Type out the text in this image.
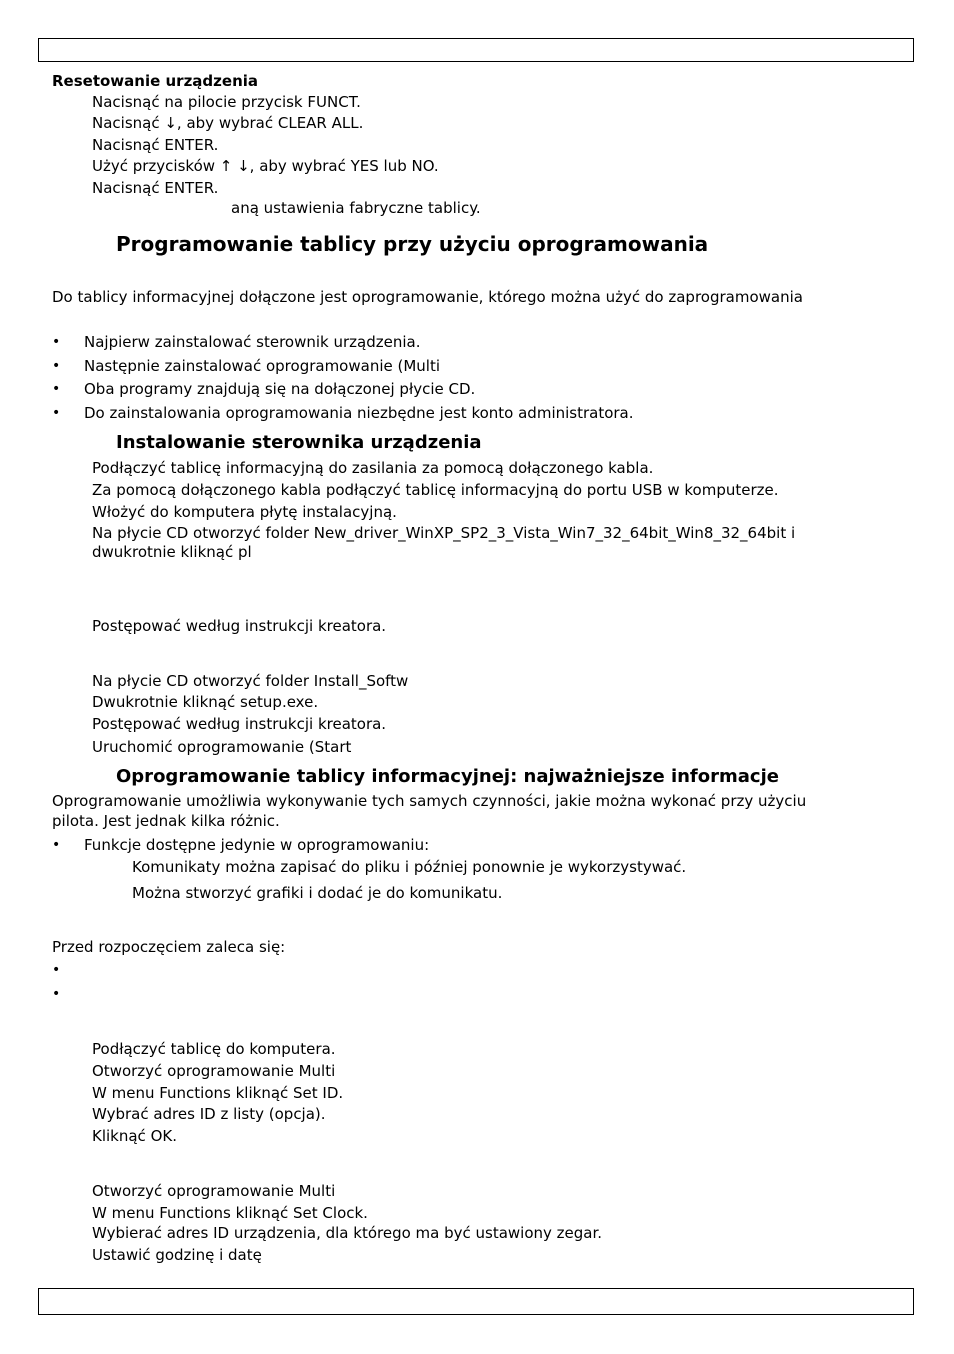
Resetowanie urządzenia
Nacisnąć na pilocie przycisk FUNCT.
Nacisnąć ↓, aby wybrać CLEAR ALL.
Nacisnąć ENTER.
Użyć przycisków ↑ ↓, aby wybrać YES lub NO.
Nacisnąć ENTER.
aną ustawienia fabryczne tablicy.
Programowanie tablicy przy użyciu oprogramowania
Do tablicy informacyjnej dołączone jest oprogramowanie, którego można użyć do zaprogramowania
• Najpierw zainstalować sterownik urządzenia.
• Następnie zainstalować oprogramowanie (Multi
• Oba programy znajdują się na dołączonej płycie CD.
• Do zainstalowania oprogramowania niezbędne jest konto administratora.
Instalowanie sterownika urządzenia
Podłączyć tablicę informacyjną do zasilania za pomocą dołączonego kabla.
Za pomocą dołączonego kabla podłączyć tablicę informacyjną do portu USB w komputerze.
Włożyć do komputera płytę instalacyjną.
Na płycie CD otworzyć folder New_driver_WinXP_SP2_3_Vista_Win7_32_64bit_Win8_32_64bit i
dwukrotnie kliknąć pl
Postępować według instrukcji kreatora.
Na płycie CD otworzyć folder Install_Softw
Dwukrotnie kliknąć setup.exe.
Postępować według instrukcji kreatora.
Uruchomić oprogramowanie (Start
Oprogramowanie tablicy informacyjnej: najważniejsze informacje
Oprogramowanie umożliwia wykonywanie tych samych czynności, jakie można wykonać przy użyciu
pilota. Jest jednak kilka różnic.
• Funkcje dostępne jedynie w oprogramowaniu:
Komunikaty można zapisać do pliku i później ponownie je wykorzystywać.
Można stworzyć grafiki i dodać je do komunikatu.
Przed rozpoczęciem zaleca się:
•
•
Podłączyć tablicę do komputera.
Otworzyć oprogramowanie Multi
W menu Functions kliknąć Set ID.
Wybrać adres ID z listy (opcja).
Kliknąć OK.
Otworzyć oprogramowanie Multi
W menu Functions kliknąć Set Clock.
Wybierać adres ID urządzenia, dla którego ma być ustawiony zegar.
Ustawić godzinę i datę
